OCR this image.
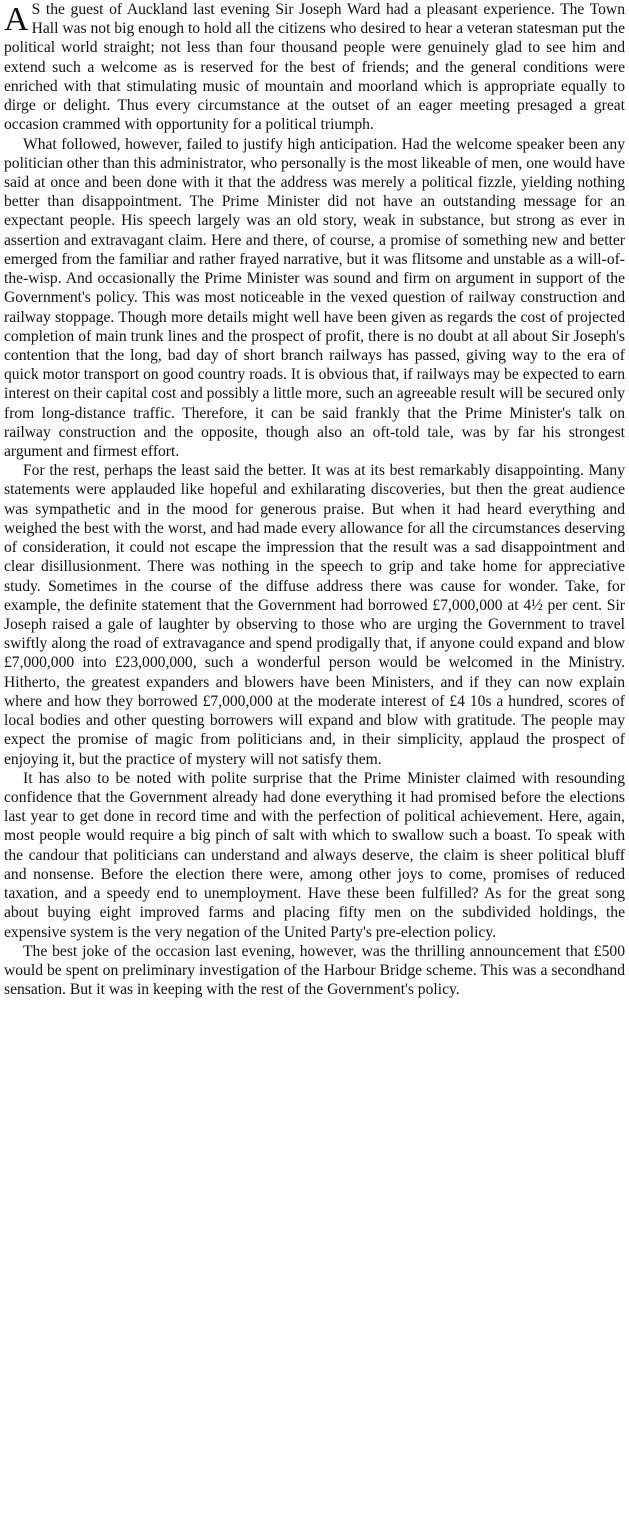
A S the guest of Auckland last evening Sir Joseph Ward had a pleasant experience. The Town Hall was not big enough to hold all the citizens who desired to hear a veteran statesman put the political world straight; not less than four thousand people were genuinely glad to see him and extend such a welcome as is reserved for the best of friends; and the general conditions were enriched with that stimulating music of mountain and moorland which is appropriate equally to dirge or delight. Thus every circumstance at the outset of an eager meeting presaged a great occasion crammed with opportunity for a political triumph.

What followed, however, failed to justify high anticipation. Had the welcome speaker been any politician other than this administrator, who personally is the most likeable of men, one would have said at once and been done with it that the address was merely a political fizzle, yielding nothing better than disappointment. The Prime Minister did not have an outstanding message for an expectant people. His speech largely was an old story, weak in substance, but strong as ever in assertion and extravagant claim. Here and there, of course, a promise of something new and better emerged from the familiar and rather frayed narrative, but it was flitsome and unstable as a will-of-the-wisp. And occasionally the Prime Minister was sound and firm on argument in support of the Government's policy. This was most noticeable in the vexed question of railway construction and railway stoppage. Though more details might well have been given as regards the cost of projected completion of main trunk lines and the prospect of profit, there is no doubt at all about Sir Joseph's contention that the long, bad day of short branch railways has passed, giving way to the era of quick motor transport on good country roads. It is obvious that, if railways may be expected to earn interest on their capital cost and possibly a little more, such an agreeable result will be secured only from long-distance traffic. Therefore, it can be said frankly that the Prime Minister's talk on railway construction and the opposite, though also an oft-told tale, was by far his strongest argument and firmest effort.

For the rest, perhaps the least said the better. It was at its best remarkably disappointing. Many statements were applauded like hopeful and exhilarating discoveries, but then the great audience was sympathetic and in the mood for generous praise. But when it had heard everything and weighed the best with the worst, and had made every allowance for all the circumstances deserving of consideration, it could not escape the impression that the result was a sad disappointment and clear disillusionment. There was nothing in the speech to grip and take home for appreciative study. Sometimes in the course of the diffuse address there was cause for wonder. Take, for example, the definite statement that the Government had borrowed £7,000,000 at 4½ per cent. Sir Joseph raised a gale of laughter by observing to those who are urging the Government to travel swiftly along the road of extravagance and spend prodigally that, if anyone could expand and blow £7,000,000 into £23,000,000, such a wonderful person would be welcomed in the Ministry. Hitherto, the greatest expanders and blowers have been Ministers, and if they can now explain where and how they borrowed £7,000,000 at the moderate interest of £4 10s a hundred, scores of local bodies and other questing borrowers will expand and blow with gratitude. The people may expect the promise of magic from politicians and, in their simplicity, applaud the prospect of enjoying it, but the practice of mystery will not satisfy them.

It has also to be noted with polite surprise that the Prime Minister claimed with resounding confidence that the Government already had done everything it had promised before the elections last year to get done in record time and with the perfection of political achievement. Here, again, most people would require a big pinch of salt with which to swallow such a boast. To speak with the candour that politicians can understand and always deserve, the claim is sheer political bluff and nonsense. Before the election there were, among other joys to come, promises of reduced taxation, and a speedy end to unemployment. Have these been fulfilled? As for the great song about buying eight improved farms and placing fifty men on the subdivided holdings, the expensive system is the very negation of the United Party's pre-election policy.

The best joke of the occasion last evening, however, was the thrilling announcement that £500 would be spent on preliminary investigation of the Harbour Bridge scheme. This was a secondhand sensation. But it was in keeping with the rest of the Government's policy.
